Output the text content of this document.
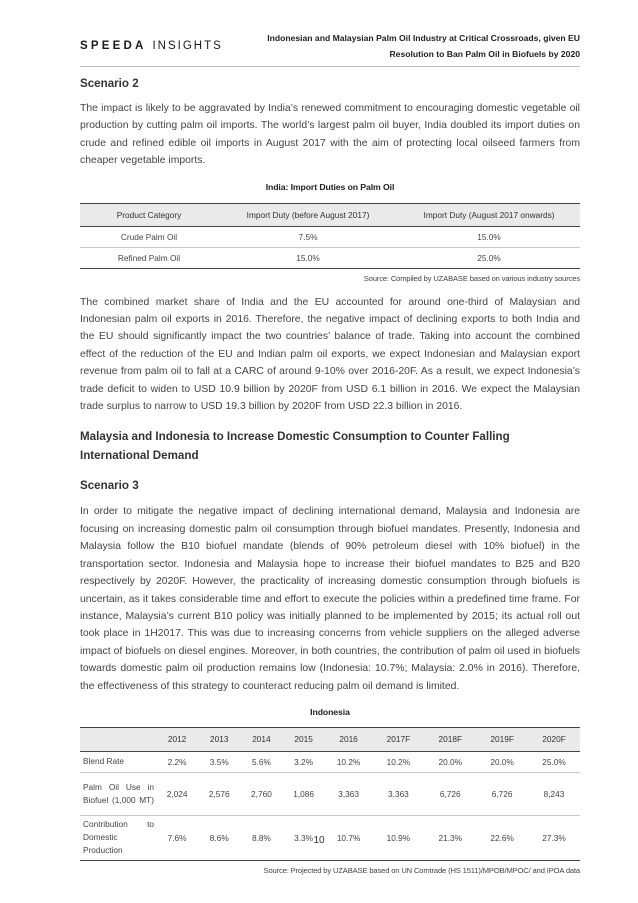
SPEEDA INSIGHTS
Indonesian and Malaysian Palm Oil Industry at Critical Crossroads, given EU
Resolution to Ban Palm Oil in Biofuels by 2020
Scenario 2

The impact is likely to be aggravated by India’s renewed commitment to encouraging domestic vegetable oil production by cutting palm oil imports. The world’s largest palm oil buyer, India doubled its import duties on crude and refined edible oil imports in August 2017 with the aim of protecting local oilseed farmers from cheaper vegetable imports.

India: Import Duties on Palm Oil
Product Category	Import Duty (before August 2017)	Import Duty (August 2017 onwards)
Crude Palm Oil	7.5%	15.0%
Refined Palm Oil	15.0%	25.0%
Source: Compiled by UZABASE based on various industry sources

The combined market share of India and the EU accounted for around one-third of Malaysian and Indonesian palm oil exports in 2016. Therefore, the negative impact of declining exports to both India and the EU should significantly impact the two countries’ balance of trade. Taking into account the combined effect of the reduction of the EU and Indian palm oil exports, we expect Indonesian and Malaysian export revenue from palm oil to fall at a CARC of around 9-10% over 2016-20F. As a result, we expect Indonesia’s trade deficit to widen to USD 10.9 billion by 2020F from USD 6.1 billion in 2016. We expect the Malaysian trade surplus to narrow to USD 19.3 billion by 2020F from USD 22.3 billion in 2016.

Malaysia and Indonesia to Increase Domestic Consumption to Counter Falling International Demand
Scenario 3

In order to mitigate the negative impact of declining international demand, Malaysia and Indonesia are focusing on increasing domestic palm oil consumption through biofuel mandates. Presently, Indonesia and Malaysia follow the B10 biofuel mandate (blends of 90% petroleum diesel with 10% biofuel) in the transportation sector. Indonesia and Malaysia hope to increase their biofuel mandates to B25 and B20 respectively by 2020F. However, the practicality of increasing domestic consumption through biofuels is uncertain, as it takes considerable time and effort to execute the policies within a predefined time frame. For instance, Malaysia’s current B10 policy was initially planned to be implemented by 2015; its actual roll out took place in 1H2017. This was due to increasing concerns from vehicle suppliers on the alleged adverse impact of biofuels on diesel engines. Moreover, in both countries, the contribution of palm oil used in biofuels towards domestic palm oil production remains low (Indonesia: 10.7%; Malaysia: 2.0% in 2016). Therefore, the effectiveness of this strategy to counteract reducing palm oil demand is limited.

Indonesia
	2012	2013	2014	2015	2016	2017F	2018F	2019F	2020F
Blend Rate	2.2%	3.5%	5.6%	3.2%	10.2%	10.2%	20.0%	20.0%	25.0%
Palm Oil Use in Biofuel (1,000 MT)	2,024	2,576	2,760	1,086	3,363	3,363	6,726	6,726	8,243
Contribution to Domestic Production	7.6%	8.6%	8.8%	3.3%	10.7%	10.9%	21.3%	22.6%	27.3%
Source: Projected by UZABASE based on UN Comtrade (HS 1511)/MPOB/MPOC/ and IPOA data
10
